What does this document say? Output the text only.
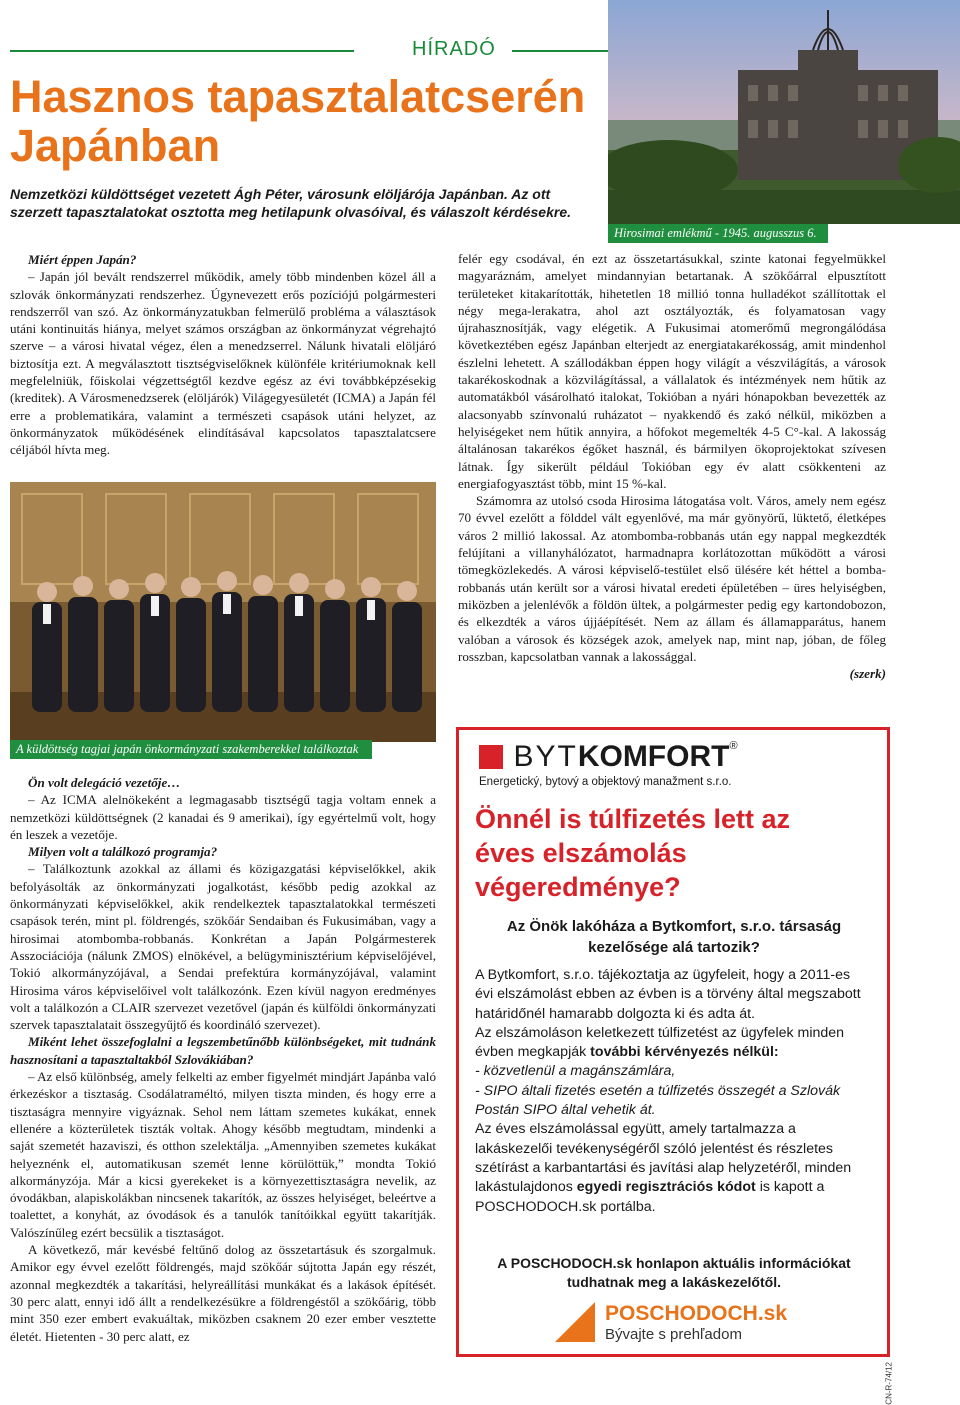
HÍRADÓ
Hasznos tapasztalatcserén
Japánban
Nemzetközi küldöttséget vezetett Ágh Péter, városunk elöljárója Japánban. Az ott szerzett tapasztalatokat osztotta meg hetilapunk olvasóival, és válaszolt kérdésekre.
Hirosimai emlékmű - 1945. augusszus 6.

Miért éppen Japán?

– Japán jól bevált rendszerrel működik, amely több mindenben közel áll a szlovák önkormányzati rendszerhez. Úgynevezett erős pozíciójú polgármesteri rendszerről van szó. Az önkormányzatukban felmerülő probléma a választások utáni kontinuitás hiánya, melyet számos országban az önkormányzat végrehajtó szerve – a városi hivatal végez, élen a menedzserrel. Nálunk hivatali elöljáró biztosítja ezt. A megválasztott tisztségviselőknek különféle kritériumoknak kell megfelelniük, főiskolai végzettségtől kezdve egész az évi továbbképzésekig (kreditek). A Városmenedzserek (elöljárók) Világegyesületét (ICMA) a Japán fél erre a problematikára, valamint a természeti csapások utáni helyzet, az önkormányzatok működésének elindításával kapcsolatos tapasztalatcsere céljából hívta meg.

A küldöttség tagjai japán önkormányzati szakemberekkel találkoztak

Ön volt delegáció vezetője…

– Az ICMA alelnökeként a legmagasabb tisztségű tagja voltam ennek a nemzetközi küldöttségnek (2 kanadai és 9 amerikai), így egyértelmű volt, hogy én leszek a vezetője.

Milyen volt a találkozó programja?

– Találkoztunk azokkal az állami és közigazgatási képviselőkkel, akik befolyásolták az önkormányzati jogalkotást, később pedig azokkal az önkormányzati képviselőkkel, akik rendelkeztek tapasztalatokkal természeti csapások terén, mint pl. földrengés, szökőár Sendaiban és Fukusimában, vagy a hirosimai atombomba-robbanás. Konkrétan a Japán Polgármesterek Asszociációja (nálunk ZMOS) elnökével, a belügyminisztérium képviselőjével, Tokió alkormányzójával, a Sendai prefektúra kormányzójával, valamint Hirosima város képviselőivel volt találkozónk. Ezen kívül nagyon eredményes volt a találkozón a CLAIR szervezet vezetővel (japán és külföldi önkormányzati szervek tapasztalatait összegyűjtő és koordináló szervezet).

Miként lehet összefoglalni a legszembetűnőbb különbségeket, mit tudnánk hasznosítani a tapasztaltakból Szlovákiában?

– Az első különbség, amely felkelti az ember figyelmét mindjárt Japánba való érkezéskor a tisztaság. Csodálatraméltó, milyen tiszta minden, és hogy erre a tisztaságra mennyire vigyáznak. Sehol nem láttam szemetes kukákat, ennek ellenére a közterületek tiszták voltak. Ahogy később megtudtam, mindenki a saját szemetét hazaviszi, és otthon szelektálja. „Amennyiben szemetes kukákat helyeznénk el, automatikusan szemét lenne körülöttük,” mondta Tokió alkormányzója. Már a kicsi gyerekeket is a környezettisztaságra nevelik, az óvodákban, alapiskolákban nincsenek takarítók, az összes helyiséget, beleértve a toalettet, a konyhát, az óvodások és a tanulók tanítóikkal együtt takarítják. Valószínűleg ezért becsülik a tisztaságot.

A következő, már kevésbé feltűnő dolog az összetartásuk és szorgalmuk. Amikor egy évvel ezelőtt földrengés, majd szökőár sújtotta Japán egy részét, azonnal megkezdték a takarítási, helyreállítási munkákat és a lakások építését. 30 perc alatt, ennyi idő állt a rendelkezésükre a földrengéstől a szökőárig, több mint 350 ezer embert evakuáltak, miközben csaknem 20 ezer ember vesztette életét. Hietenten - 30 perc alatt, ez

felér egy csodával, én ezt az összetartásukkal, szinte katonai fegyelmükkel magyaráznám, amelyet mindannyian betartanak. A szökőárral elpusztított területeket kitakarították, hihetetlen 18 millió tonna hulladékot szállítottak el négy mega-lerakatra, ahol azt osztályozták, és folyamatosan vagy újrahasznosítják, vagy elégetik. A Fukusimai atomerőmű megrongálódása következtében egész Japánban elterjedt az energiatakarékosság, amit mindenhol észlelni lehetett. A szállodákban éppen hogy világít a vészvilágítás, a városok takarékoskodnak a közvilágítással, a vállalatok és intézmények nem hűtik az automatákból vásárolható italokat, Tokióban a nyári hónapokban bevezették az alacsonyabb színvonalú ruházatot – nyakkendő és zakó nélkül, miközben a helyiségeket nem hűtik annyira, a hőfokot megemelték 4-5 C°-kal. A lakosság általánosan takarékos égőket használ, és bármilyen ökoprojektokat szívesen látnak. Így sikerült például Tokióban egy év alatt csökkenteni az energiafogyasztást több, mint 15 %-kal.

Számomra az utolsó csoda Hirosima látogatása volt. Város, amely nem egész 70 évvel ezelőtt a földdel vált egyenlővé, ma már gyönyörű, lüktető, életképes város 2 millió lakossal. Az atombomba-robbanás után egy nappal megkezdték felújítani a villanyhálózatot, harmadnapra korlátozottan működött a városi tömegközlekedés. A városi képviselő-testület első ülésére két héttel a bomba-robbanás után került sor a városi hivatal eredeti épületében – üres helyiségben, miközben a jelenlévők a földön ültek, a polgármester pedig egy kartondobozon, és elkezdték a város újjáépítését. Nem az állam és államapparátus, hanem valóban a városok és községek azok, amelyek nap, mint nap, jóban, de főleg rosszban, kapcsolatban vannak a lakossággal.

(szerk)

BYTKOMFORT®
Energetický, bytový a objektový manažment s.r.o.
Önnél is túlfizetés lett az éves elszámolás végeredménye?
Az Önök lakóháza a Bytkomfort, s.r.o. társaság kezelősége alá tartozik?

A Bytkomfort, s.r.o. tájékoztatja az ügyfeleit, hogy a 2011-es évi elszámolást ebben az évben is a törvény által megszabott határidőnél hamarabb dolgozta ki és adta át.

Az elszámoláson keletkezett túlfizetést az ügyfelek minden évben megkapják további kérvényezés nélkül:

- közvetlenül a magánszámlára,

- SIPO általi fizetés esetén a túlfizetés összegét a Szlovák Postán SIPO által vehetik át.

Az éves elszámolással együtt, amely tartalmazza a lakáskezelői tevékenységéről szóló jelentést és részletes szétírást a karbantartási és javítási alap helyzetéről, minden lakástulajdonos egyedi regisztrációs kódot is kapott a POSCHODOCH.sk portálba.

A POSCHODOCH.sk honlapon aktuális információkat tudhatnak meg a lakáskezelőtől.
POSCHODOCH.sk
Bývajte s prehľadom
CN-R-74/12
